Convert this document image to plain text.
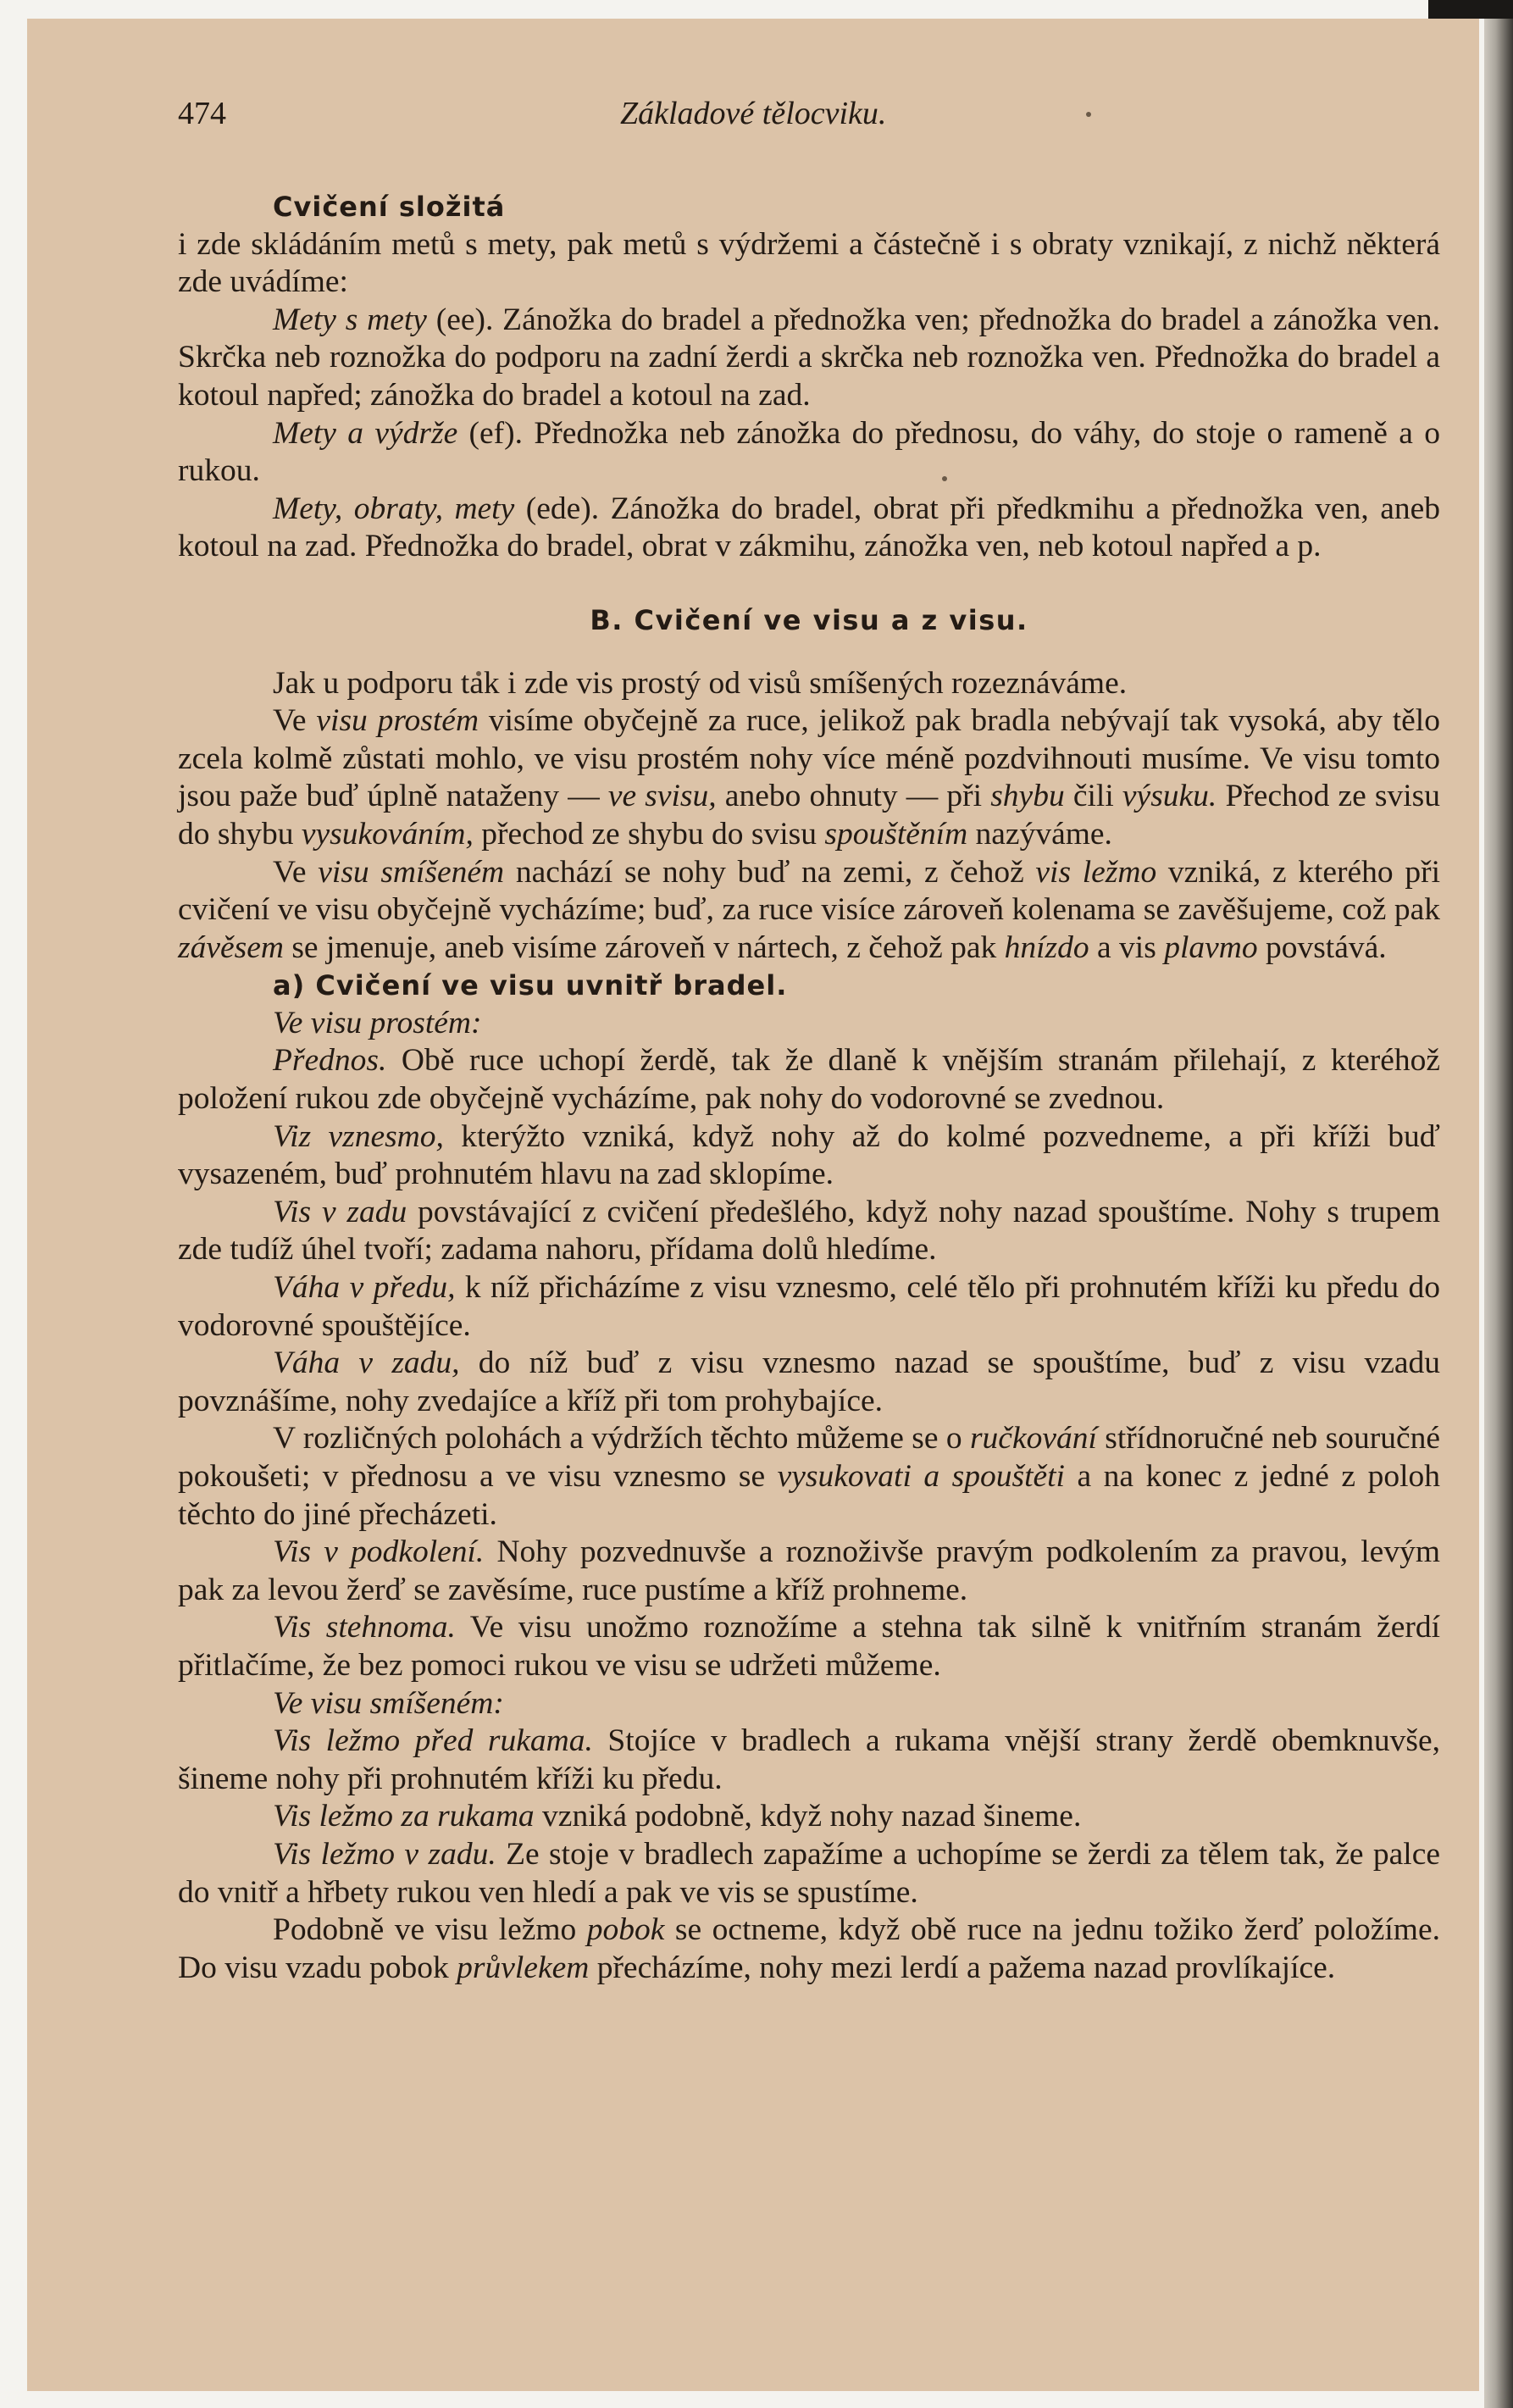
474	Základové tělocviku.

Cvičení složitá
i zde skládáním metů s mety, pak metů s výdržemi a částečně i s obraty vznikají, z nichž některá zde uvádíme:

Mety s mety (ee). Zánožka do bradel a přednožka ven; přednožka do bradel a zánožka ven. Skrčka neb roznožka do podporu na zadní žerdi a skrčka neb roznožka ven. Přednožka do bradel a kotoul napřed; zánožka do bradel a kotoul na zad.

Mety a výdrže (ef). Přednožka neb zánožka do přednosu, do váhy, do stoje o rameně a o rukou.

Mety, obraty, mety (ede). Zánožka do bradel, obrat při předkmihu a přednožka ven, aneb kotoul na zad. Přednožka do bradel, obrat v zákmihu, zánožka ven, neb kotoul napřed a p.

B. Cvičení ve visu a z visu.

Jak u podporu tak i zde vis prostý od visů smíšených rozeznáváme.

Ve visu prostém visíme obyčejně za ruce, jelikož pak bradla nebývají tak vysoká, aby tělo zcela kolmě zůstati mohlo, ve visu prostém nohy více méně pozdvihnouti musíme. Ve visu tomto jsou paže buď úplně nataženy — ve svisu, anebo ohnuty — při shybu čili výsuku. Přechod ze svisu do shybu vysukováním, přechod ze shybu do svisu spouštěním nazýváme.

Ve visu smíšeném nachází se nohy buď na zemi, z čehož vis ležmo vzniká, z kterého při cvičení ve visu obyčejně vycházíme; buď, za ruce visíce zároveň kolenama se zavěšujeme, což pak závěsem se jmenuje, aneb visíme zároveň v nártech, z čehož pak hnízdo a vis plavmo povstává.

a) Cvičení ve visu uvnitř bradel.
Ve visu prostém:

Přednos. Obě ruce uchopí žerdě, tak že dlaně k vnějším stranám přilehají, z kteréhož položení rukou zde obyčejně vycházíme, pak nohy do vodorovné se zvednou.

Viz vznesmo, kterýžto vzniká, když nohy až do kolmé pozvedneme, a při kříži buď vysazeném, buď prohnutém hlavu na zad sklopíme.

Vis v zadu povstávající z cvičení předešlého, když nohy nazad spouštíme. Nohy s trupem zde tudíž úhel tvoří; zadama nahoru, přídama dolů hledíme.

Váha v předu, k níž přicházíme z visu vznesmo, celé tělo při prohnutém kříži ku předu do vodorovné spouštějíce.

Váha v zadu, do níž buď z visu vznesmo nazad se spouštíme, buď z visu vzadu povznášíme, nohy zvedajíce a kříž při tom prohybajíce.

V rozličných polohách a výdržích těchto můžeme se o ručkování střídnoručné neb souručné pokoušeti; v přednosu a ve visu vznesmo se vysukovati a spouštěti a na konec z jedné z poloh těchto do jiné přecházeti.

Vis v podkolení. Nohy pozvednuvše a roznoživše pravým podkolením za pravou, levým pak za levou žerď se zavěsíme, ruce pustíme a kříž prohneme.

Vis stehnoma. Ve visu unožmo roznožíme a stehna tak silně k vnitřním stranám žerdí přitlačíme, že bez pomoci rukou ve visu se udržeti můžeme.

Ve visu smíšeném:

Vis ležmo před rukama. Stojíce v bradlech a rukama vnější strany žerdě obemknuvše, šineme nohy při prohnutém kříži ku předu.

Vis ležmo za rukama vzniká podobně, když nohy nazad šineme.

Vis ležmo v zadu. Ze stoje v bradlech zapažíme a uchopíme se žerdi za tělem tak, že palce do vnitř a hřbety rukou ven hledí a pak ve vis se spustíme.

Podobně ve visu ležmo pobok se octneme, když obě ruce na jednu tožiko žerď položíme. Do visu vzadu pobok průvlekem přecházíme, nohy mezi lerdí a pažema nazad provlíkajíce.
